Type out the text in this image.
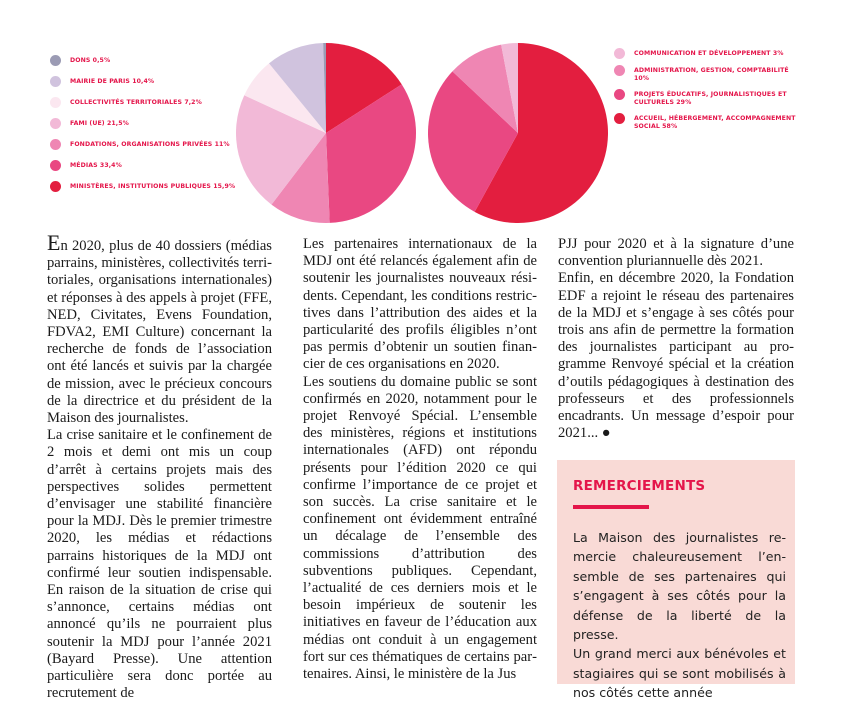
DONS 0,5%
MAIRIE DE PARIS 10,4%
COLLECTIVITÉS TERRITORIALES 7,2%
FAMI (UE) 21,5%
FONDATIONS, ORGANISATIONS PRIVÉES 11%
MÉDIAS 33,4%
MINISTÈRES, INSTITUTIONS PUBLIQUES 15,9%
COMMUNICATION ET DÉVELOPPEMENT 3%
ADMINISTRATION, GESTION, COMPTABILITÉ 10%
PROJETS ÉDUCATIFS, JOURNALISTIQUES ET CULTURELS 29%
ACCUEIL, HÉBERGEMENT, ACCOMPAGNEMENT SOCIAL 58%

En 2020, plus de 40 dossiers (médias parrains, ministères, collectivités territoriales, organisations internationales) et réponses à des appels à projet (FFE, NED, Civitates, Evens Foundation, FDVA2, EMI Culture) concernant la recherche de fonds de l’association ont été lancés et suivis par la chargée de mission, avec le précieux concours de la directrice et du président de la Maison des journalistes.

La crise sanitaire et le confinement de 2 mois et demi ont mis un coup d’arrêt à certains projets mais des perspectives solides permettent d’envisager une stabilité financière pour la MDJ. Dès le premier trimestre 2020, les médias et rédactions parrains historiques de la MDJ ont confirmé leur soutien indispensable. En raison de la situation de crise qui s’annonce, certains médias ont annoncé qu’ils ne pourraient plus soutenir la MDJ pour l’année 2021 (Bayard Presse). Une attention particulière sera donc portée au recrutement de

Les partenaires internationaux de la MDJ ont été relancés également afin de soutenir les journalistes nouveaux résidents. Cependant, les conditions restrictives dans l’attribution des aides et la particularité des profils éligibles n’ont pas permis d’obtenir un soutien financier de ces organisations en 2020.

Les soutiens du domaine public se sont confirmés en 2020, notamment pour le projet Renvoyé Spécial. L’ensemble des ministères, régions et institutions internationales (AFD) ont répondu présents pour l’édition 2020 ce qui confirme l’importance de ce projet et son succès. La crise sanitaire et le confinement ont évidemment entraîné un décalage de l’ensemble des commissions d’attribution des subventions publiques. Cependant, l’actualité de ces derniers mois et le besoin impérieux de soutenir les initiatives en faveur de l’éducation aux médias ont conduit à un engagement fort sur ces thématiques de certains partenaires. Ainsi, le ministère de la Jus

PJJ pour 2020 et à la signature d’une convention pluriannuelle dès 2021.

Enfin, en décembre 2020, la Fondation EDF a rejoint le réseau des partenaires de la MDJ et s’engage à ses côtés pour trois ans afin de permettre la formation des journalistes participant au programme Renvoyé spécial et la création d’outils pédagogiques à destination des professeurs et des professionnels encadrants. Un message d’espoir pour 2021... ●

REMERCIEMENTS

La Maison des journalistes remercie chaleureusement l’ensemble de ses partenaires qui s’engagent à ses côtés pour la défense de la liberté de la presse.

Un grand merci aux bénévoles et stagiaires qui se sont mobilisés à nos côtés cette année
